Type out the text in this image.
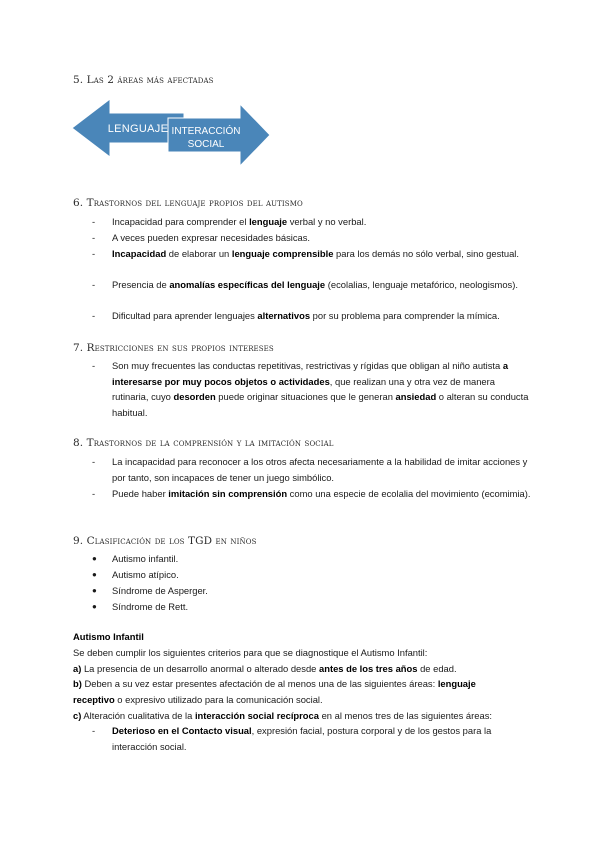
5. Las 2 áreas más afectadas
LENGUAJE INTERACCIÓN
SOCIAL
6. Trastornos del lenguaje propios del autismo
- Incapacidad para comprender el lenguaje verbal y no verbal.
- A veces pueden expresar necesidades básicas.
- Incapacidad de elaborar un lenguaje comprensible para los demás no sólo verbal, sino gestual.
- Presencia de anomalías específicas del lenguaje (ecolalias, lenguaje metafórico, neologismos).
- Dificultad para aprender lenguajes alternativos por su problema para comprender la mímica.
7. Restricciones en sus propios intereses
- Son muy frecuentes las conductas repetitivas, restrictivas y rígidas que obligan al niño autista a interesarse por muy pocos objetos o actividades, que realizan una y otra vez de manera rutinaria, cuyo desorden puede originar situaciones que le generan ansiedad o alteran su conducta habitual.
8. Trastornos de la comprensión y la imitación social
- La incapacidad para reconocer a los otros afecta necesariamente a la habilidad de imitar acciones y por tanto, son incapaces de tener un juego simbólico.
- Puede haber imitación sin comprensión como una especie de ecolalia del movimiento (ecomimia).
9. Clasificación de los TGD en niños
● Autismo infantil.
● Autismo atípico.
● Síndrome de Asperger.
● Síndrome de Rett.
Autismo Infantil
Se deben cumplir los siguientes criterios para que se diagnostique el Autismo Infantil:
a) La presencia de un desarrollo anormal o alterado desde antes de los tres años de edad.
b) Deben a su vez estar presentes afectación de al menos una de las siguientes áreas: lenguaje receptivo o expresivo utilizado para la comunicación social.
c) Alteración cualitativa de la interacción social recíproca en al menos tres de las siguientes áreas:
- Deterioso en el Contacto visual, expresión facial, postura corporal y de los gestos para la interacción social.
